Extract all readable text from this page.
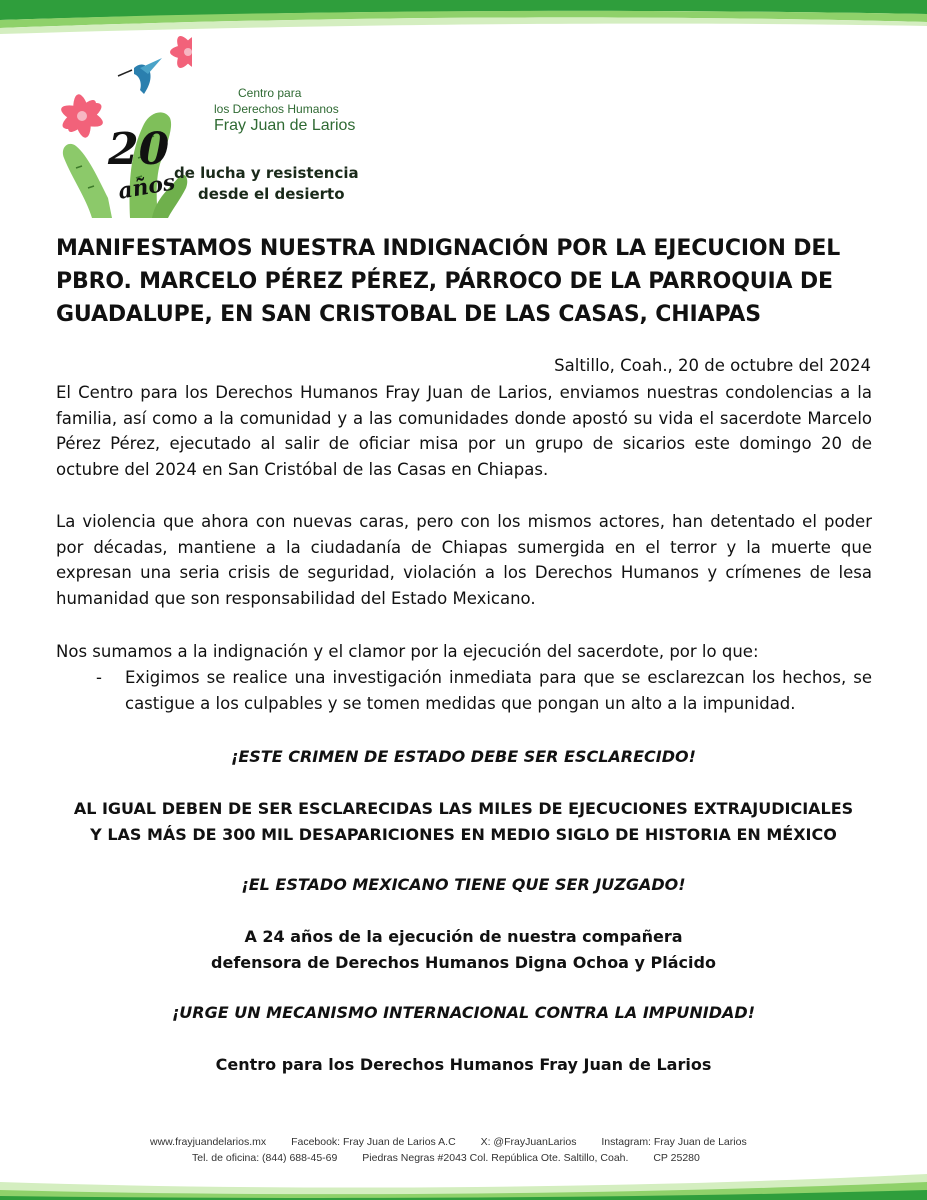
Centro para
los Derechos Humanos
Fray Juan de Larios
20
años
de lucha y resistencia
desde el desierto
MANIFESTAMOS NUESTRA INDIGNACIÓN POR LA EJECUCION DEL
PBRO. MARCELO PÉREZ PÉREZ, PÁRROCO DE LA PARROQUIA DE
GUADALUPE, EN SAN CRISTOBAL DE LAS CASAS, CHIAPAS
Saltillo, Coah., 20 de octubre del 2024

El Centro para los Derechos Humanos Fray Juan de Larios, enviamos nuestras condolencias a la familia, así como a la comunidad y a las comunidades donde apostó su vida el sacerdote Marcelo Pérez Pérez, ejecutado al salir de oficiar misa por un grupo de sicarios este domingo 20 de octubre del 2024 en San Cristóbal de las Casas en Chiapas.

La violencia que ahora con nuevas caras, pero con los mismos actores, han detentado el poder por décadas, mantiene a la ciudadanía de Chiapas sumergida en el terror y la muerte que expresan una seria crisis de seguridad, violación a los Derechos Humanos y crímenes de lesa humanidad que son responsabilidad del Estado Mexicano.

Nos sumamos a la indignación y el clamor por la ejecución del sacerdote, por lo que:

- Exigimos se realice una investigación inmediata para que se esclarezcan los hechos, se castigue a los culpables y se tomen medidas que pongan un alto a la impunidad.
¡ESTE CRIMEN DE ESTADO DEBE SER ESCLARECIDO!
AL IGUAL DEBEN DE SER ESCLARECIDAS LAS MILES DE EJECUCIONES EXTRAJUDICIALES
Y LAS MÁS DE 300 MIL DESAPARICIONES EN MEDIO SIGLO DE HISTORIA EN MÉXICO
¡EL ESTADO MEXICANO TIENE QUE SER JUZGADO!
A 24 años de la ejecución de nuestra compañera
defensora de Derechos Humanos Digna Ochoa y Plácido
¡URGE UN MECANISMO INTERNACIONAL CONTRA LA IMPUNIDAD!
Centro para los Derechos Humanos Fray Juan de Larios
www.frayjuandelarios.mx Facebook: Fray Juan de Larios A.C X: @FrayJuanLarios Instagram: Fray Juan de Larios
Tel. de oficina: (844) 688-45-69 Piedras Negras #2043 Col. República Ote. Saltillo, Coah. CP 25280
